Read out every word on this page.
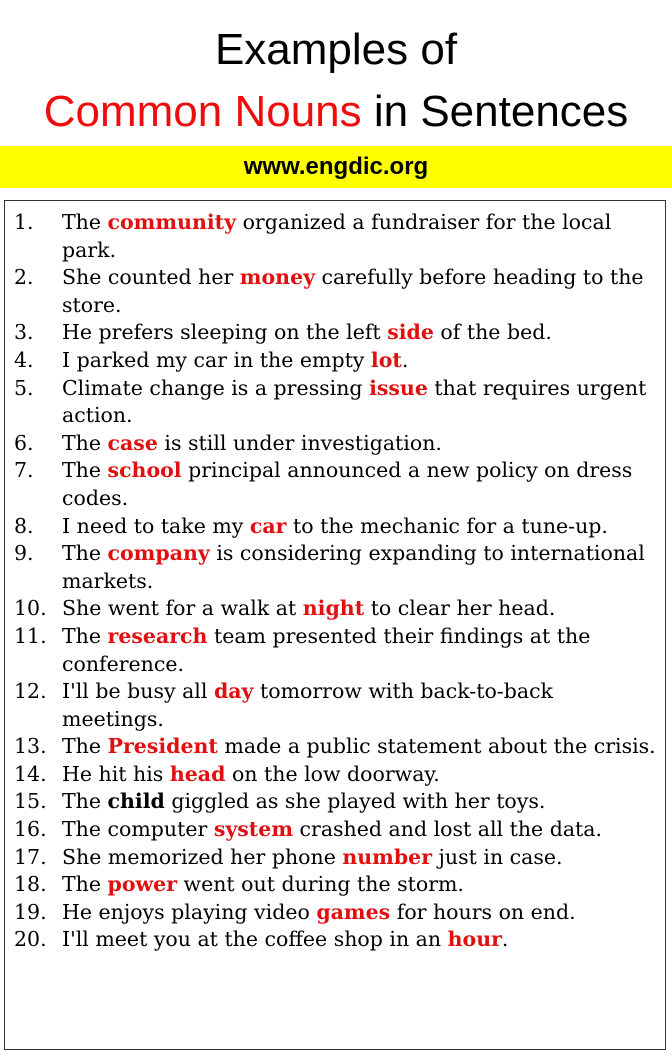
Examples of
Common Nouns in Sentences
www.engdic.org
1. The community organized a fundraiser for the local park.
2. She counted her money carefully before heading to the store.
3. He prefers sleeping on the left side of the bed.
4. I parked my car in the empty lot.
5. Climate change is a pressing issue that requires urgent action.
6. The case is still under investigation.
7. The school principal announced a new policy on dress codes.
8. I need to take my car to the mechanic for a tune-up.
9. The company is considering expanding to international markets.
10. She went for a walk at night to clear her head.
11. The research team presented their findings at the conference.
12. I'll be busy all day tomorrow with back-to-back meetings.
13. The President made a public statement about the crisis.
14. He hit his head on the low doorway.
15. The child giggled as she played with her toys.
16. The computer system crashed and lost all the data.
17. She memorized her phone number just in case.
18. The power went out during the storm.
19. He enjoys playing video games for hours on end.
20. I'll meet you at the coffee shop in an hour.
